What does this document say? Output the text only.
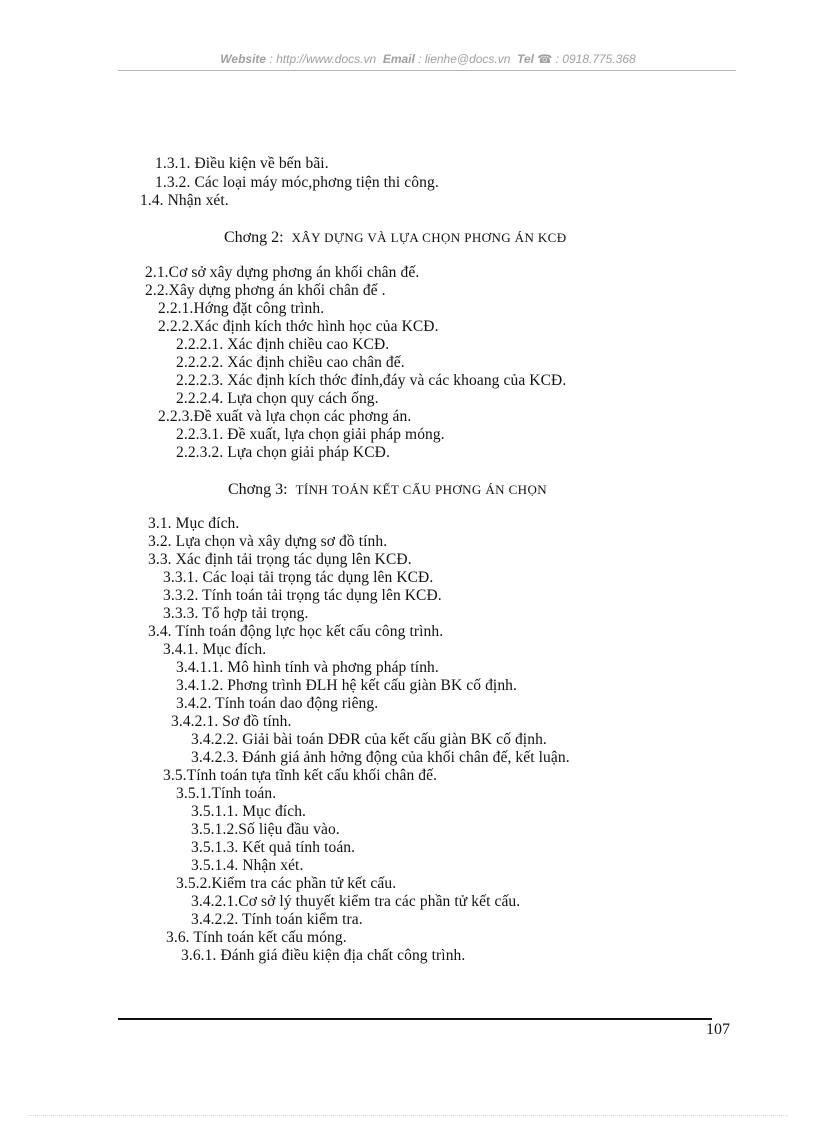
Website : http://www.docs.vn Email : lienhe@docs.vn Tel ☎ : 0918.775.368
1.3.1. Điều kiện về bến bãi.
1.3.2. Các loại máy móc,phơng tiện thi công.
1.4. Nhận xét.
Chơng 2: XÂY DỰNG VÀ LỰA CHỌN PHƠNG ÁN KCĐ
2.1.Cơ sở xây dựng phơng án khối chân đế.
2.2.Xây dựng phơng án khối chân đế .
2.2.1.Hớng đặt công trình.
2.2.2.Xác định kích thớc hình học của KCĐ.
2.2.2.1. Xác định chiều cao KCĐ.
2.2.2.2. Xác định chiều cao chân đế.
2.2.2.3. Xác định kích thớc đỉnh,đáy và các khoang của KCĐ.
2.2.2.4. Lựa chọn quy cách ống.
2.2.3.Đề xuất và lựa chọn các phơng án.
2.2.3.1. Đề xuất, lựa chọn giải pháp móng.
2.2.3.2. Lựa chọn giải pháp KCĐ.
Chơng 3: TÍNH TOÁN KẾT CẤU PHƠNG ÁN CHỌN
3.1. Mục đích.
3.2. Lựa chọn và xây dựng sơ đồ tính.
3.3. Xác định tải trọng tác dụng lên KCĐ.
3.3.1. Các loại tải trọng tác dụng lên KCĐ.
3.3.2. Tính toán tải trọng tác dụng lên KCĐ.
3.3.3. Tổ hợp tải trọng.
3.4. Tính toán động lực học kết cấu công trình.
3.4.1. Mục đích.
3.4.1.1. Mô hình tính và phơng pháp tính.
3.4.1.2. Phơng trình ĐLH hệ kết cấu giàn BK cố định.
3.4.2. Tính toán dao động riêng.
3.4.2.1. Sơ đồ tính.
3.4.2.2. Giải bài toán DĐR của kết cấu giàn BK cố định.
3.4.2.3. Đánh giá ảnh hởng động của khối chân đế, kết luận.
3.5.Tính toán tựa tĩnh kết cấu khối chân đế.
3.5.1.Tính toán.
3.5.1.1. Mục đích.
3.5.1.2.Số liệu đầu vào.
3.5.1.3. Kết quả tính toán.
3.5.1.4. Nhận xét.
3.5.2.Kiểm tra các phần tử kết cấu.
3.4.2.1.Cơ sở lý thuyết kiểm tra các phần tử kết cấu.
3.4.2.2. Tính toán kiểm tra.
3.6. Tính toán kết cấu móng.
3.6.1. Đánh giá điều kiện địa chất công trình.
107
